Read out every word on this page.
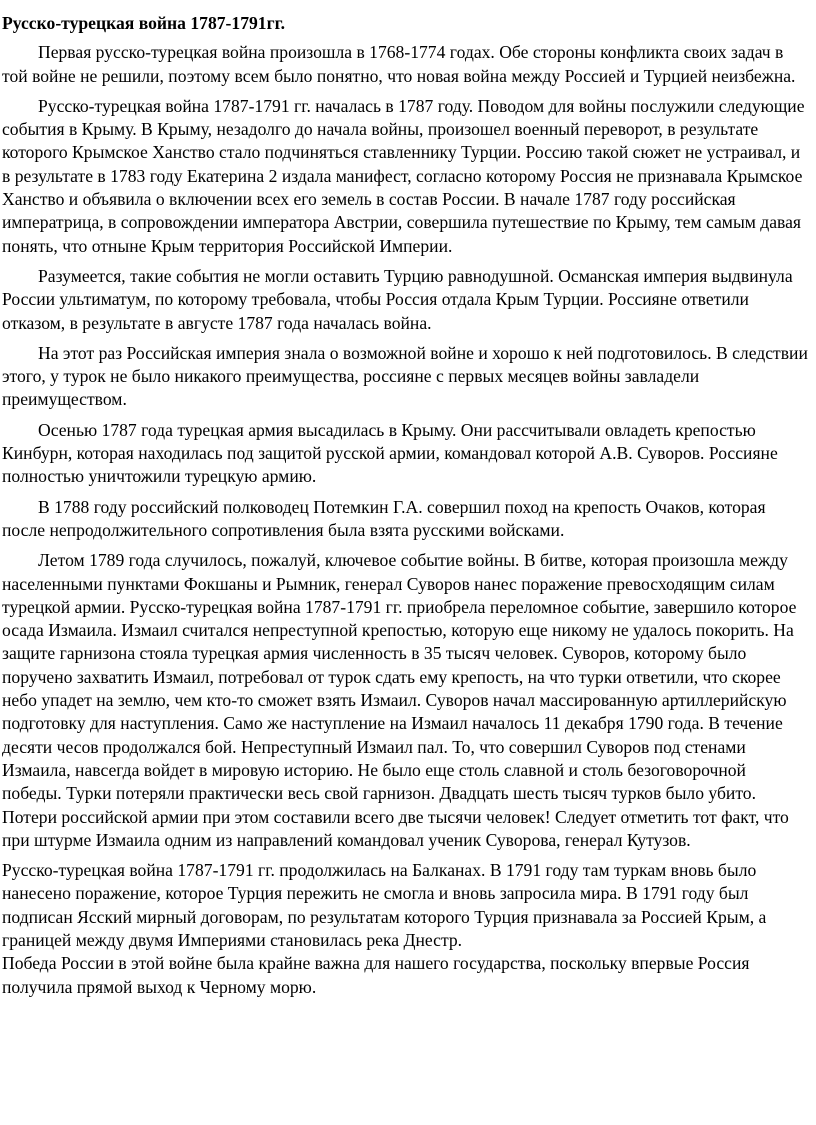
Русско-турецкая война 1787-1791гг.

Первая русско-турецкая война произошла в 1768-1774 годах. Обе стороны конфликта своих задач в той войне не решили, поэтому всем было понятно, что новая война между Россией и Турцией неизбежна.

Русско-турецкая война 1787-1791 гг. началась в 1787 году. Поводом для войны послужили следующие события в Крыму. В Крыму, незадолго до начала войны, произошел военный переворот, в результате которого Крымское Ханство стало подчиняться ставленнику Турции. Россию такой сюжет не устраивал, и в результате в 1783 году Екатерина 2 издала манифест, согласно которому Россия не признавала Крымское Ханство и объявила о включении всех его земель в состав России. В начале 1787 году российская императрица, в сопровождении императора Австрии, совершила путешествие по Крыму, тем самым давая понять, что отныне Крым территория Российской Империи.

Разумеется, такие события не могли оставить Турцию равнодушной. Османская империя выдвинула России ультиматум, по которому требовала, чтобы Россия отдала Крым Турции. Россияне ответили отказом, в результате в августе 1787 года началась война.

На этот раз Российская империя знала о возможной войне и хорошо к ней подготовилось. В следствии этого, у турок не было никакого преимущества, россияне с первых месяцев войны завладели преимуществом.

Осенью 1787 года турецкая армия высадилась в Крыму. Они рассчитывали овладеть крепостью Кинбурн, которая находилась под защитой русской армии, командовал которой А.В. Суворов. Россияне полностью уничтожили турецкую армию.

В 1788 году российский полководец Потемкин Г.А. совершил поход на крепость Очаков, которая после непродолжительного сопротивления была взята русскими войсками.

Летом 1789 года случилось, пожалуй, ключевое событие войны. В битве, которая произошла между населенными пунктами Фокшаны и Рымник, генерал Суворов нанес поражение превосходящим силам турецкой армии. Русско-турецкая война 1787-1791 гг. приобрела переломное событие, завершило которое осада Измаила. Измаил считался непреступной крепостью, которую еще никому не удалось покорить. На защите гарнизона стояла турецкая армия численность в 35 тысяч человек. Суворов, которому было поручено захватить Измаил, потребовал от турок сдать ему крепость, на что турки ответили, что скорее небо упадет на землю, чем кто-то сможет взять Измаил. Суворов начал массированную артиллерийскую подготовку для наступления. Само же наступление на Измаил началось 11 декабря 1790 года. В течение десяти чесов продолжался бой. Непреступный Измаил пал. То, что совершил Суворов под стенами Измаила, навсегда войдет в мировую историю. Не было еще столь славной и столь безоговорочной победы. Турки потеряли практически весь свой гарнизон. Двадцать шесть тысяч турков было убито. Потери российской армии при этом составили всего две тысячи человек! Следует отметить тот факт, что при штурме Измаила одним из направлений командовал ученик Суворова, генерал Кутузов.

Русско-турецкая война 1787-1791 гг. продолжилась на Балканах. В 1791 году там туркам вновь было нанесено поражение, которое Турция пережить не смогла и вновь запросила мира. В 1791 году был подписан Ясский мирный договорам, по результатам которого Турция признавала за Россией Крым, а границей между двумя Империями становилась река Днестр.

Победа России в этой войне была крайне важна для нашего государства, поскольку впервые Россия получила прямой выход к Черному морю.
